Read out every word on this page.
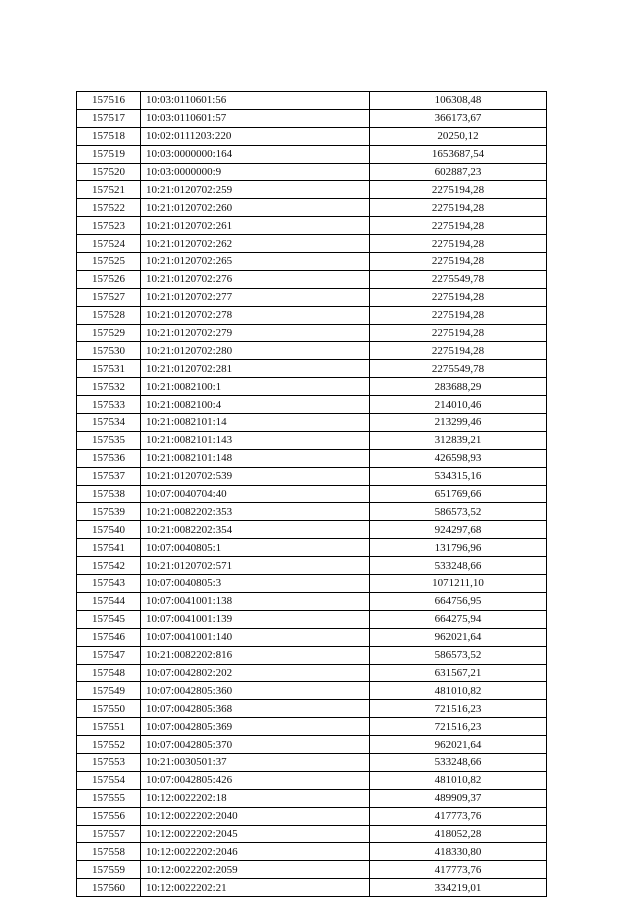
157516	10:03:0110601:56	106308,48
157517	10:03:0110601:57	366173,67
157518	10:02:0111203:220	20250,12
157519	10:03:0000000:164	1653687,54
157520	10:03:0000000:9	602887,23
157521	10:21:0120702:259	2275194,28
157522	10:21:0120702:260	2275194,28
157523	10:21:0120702:261	2275194,28
157524	10:21:0120702:262	2275194,28
157525	10:21:0120702:265	2275194,28
157526	10:21:0120702:276	2275549,78
157527	10:21:0120702:277	2275194,28
157528	10:21:0120702:278	2275194,28
157529	10:21:0120702:279	2275194,28
157530	10:21:0120702:280	2275194,28
157531	10:21:0120702:281	2275549,78
157532	10:21:0082100:1	283688,29
157533	10:21:0082100:4	214010,46
157534	10:21:0082101:14	213299,46
157535	10:21:0082101:143	312839,21
157536	10:21:0082101:148	426598,93
157537	10:21:0120702:539	534315,16
157538	10:07:0040704:40	651769,66
157539	10:21:0082202:353	586573,52
157540	10:21:0082202:354	924297,68
157541	10:07:0040805:1	131796,96
157542	10:21:0120702:571	533248,66
157543	10:07:0040805:3	1071211,10
157544	10:07:0041001:138	664756,95
157545	10:07:0041001:139	664275,94
157546	10:07:0041001:140	962021,64
157547	10:21:0082202:816	586573,52
157548	10:07:0042802:202	631567,21
157549	10:07:0042805:360	481010,82
157550	10:07:0042805:368	721516,23
157551	10:07:0042805:369	721516,23
157552	10:07:0042805:370	962021,64
157553	10:21:0030501:37	533248,66
157554	10:07:0042805:426	481010,82
157555	10:12:0022202:18	489909,37
157556	10:12:0022202:2040	417773,76
157557	10:12:0022202:2045	418052,28
157558	10:12:0022202:2046	418330,80
157559	10:12:0022202:2059	417773,76
157560	10:12:0022202:21	334219,01
